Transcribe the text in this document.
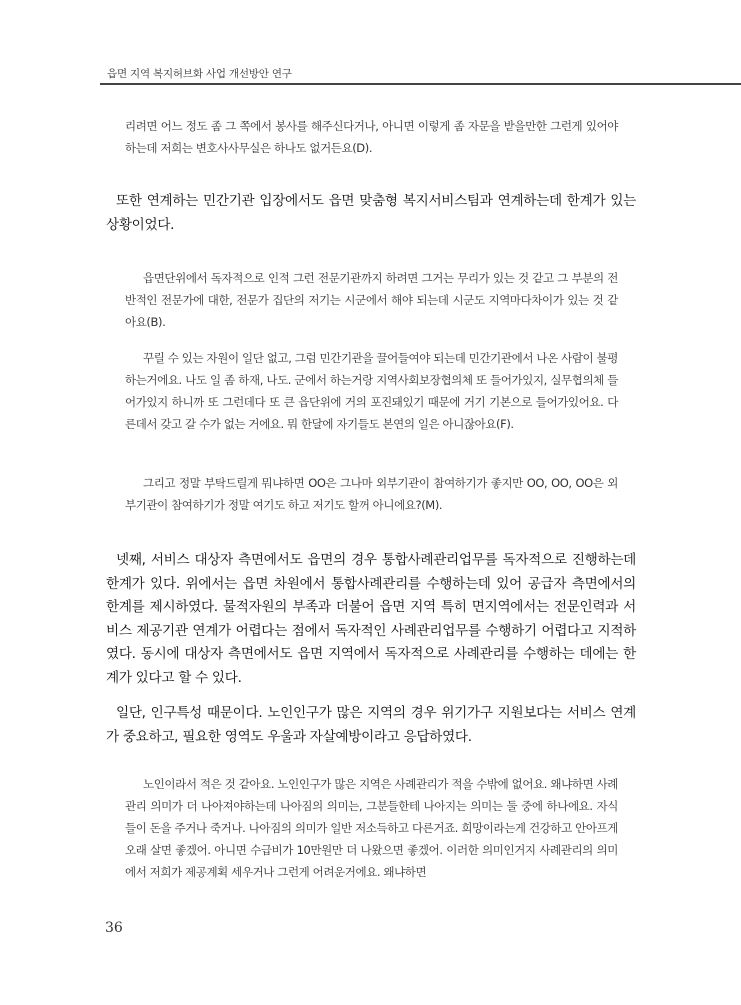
읍면 지역 복지허브화 사업 개선방안 연구

리려면 어느 정도 좀 그 쪽에서 봉사를 해주신다거나, 아니면 이렇게 좀 자문을 받을만한 그런게 있어야 하는데 저희는 변호사사무실은 하나도 없거든요(D).

또한 연계하는 민간기관 입장에서도 읍면 맞춤형 복지서비스팀과 연계하는데 한계가 있는 상황이었다.

읍면단위에서 독자적으로 인적 그런 전문기관까지 하려면 그거는 무리가 있는 것 같고 그 부분의 전반적인 전문가에 대한, 전문가 집단의 저기는 시군에서 해야 되는데 시군도 지역마다차이가 있는 것 같아요(B).

꾸릴 수 있는 자원이 일단 없고, 그럼 민간기관을 끌어들여야 되는데 민간기관에서 나온 사람이 불평하는거에요. 나도 일 좀 하재, 나도. 군에서 하는거랑 지역사회보장협의체 또 들어가있지, 실무협의체 들어가있지 하니까 또 그런데다 또 큰 읍단위에 거의 포진돼있기 때문에 거기 기본으로 들어가있어요. 다른데서 갖고 갈 수가 없는 거에요. 뭐 한달에 자기들도 본연의 일은 아니잖아요(F).

그리고 정말 부탁드릴게 뭐냐하면 OO은 그나마 외부기관이 참여하기가 좋지만 OO, OO, OO은 외부기관이 참여하기가 정말 여기도 하고 저기도 할꺼 아니에요?(M).

넷째, 서비스 대상자 측면에서도 읍면의 경우 통합사례관리업무를 독자적으로 진행하는데 한계가 있다. 위에서는 읍면 차원에서 통합사례관리를 수행하는데 있어 공급자 측면에서의 한계를 제시하였다. 물적자원의 부족과 더불어 읍면 지역 특히 면지역에서는 전문인력과 서비스 제공기관 연계가 어렵다는 점에서 독자적인 사례관리업무를 수행하기 어렵다고 지적하였다. 동시에 대상자 측면에서도 읍면 지역에서 독자적으로 사례관리를 수행하는 데에는 한계가 있다고 할 수 있다.

일단, 인구특성 때문이다. 노인인구가 많은 지역의 경우 위기가구 지원보다는 서비스 연계가 중요하고, 필요한 영역도 우울과 자살예방이라고 응답하였다.

노인이라서 적은 것 같아요. 노인인구가 많은 지역은 사례관리가 적을 수밖에 없어요. 왜냐하면 사례관리 의미가 더 나아져야하는데 나아짐의 의미는, 그분들한테 나아지는 의미는 둘 중에 하나에요. 자식들이 돈을 주거나 죽거나. 나아짐의 의미가 일반 저소득하고 다른거죠. 희망이라는게 건강하고 안아프게 오래 살면 좋겠어. 아니면 수급비가 10만원만 더 나왔으면 좋겠어. 이러한 의미인거지 사례관리의 의미에서 저희가 제공계획 세우거나 그런게 어려운거에요. 왜냐하면

36
